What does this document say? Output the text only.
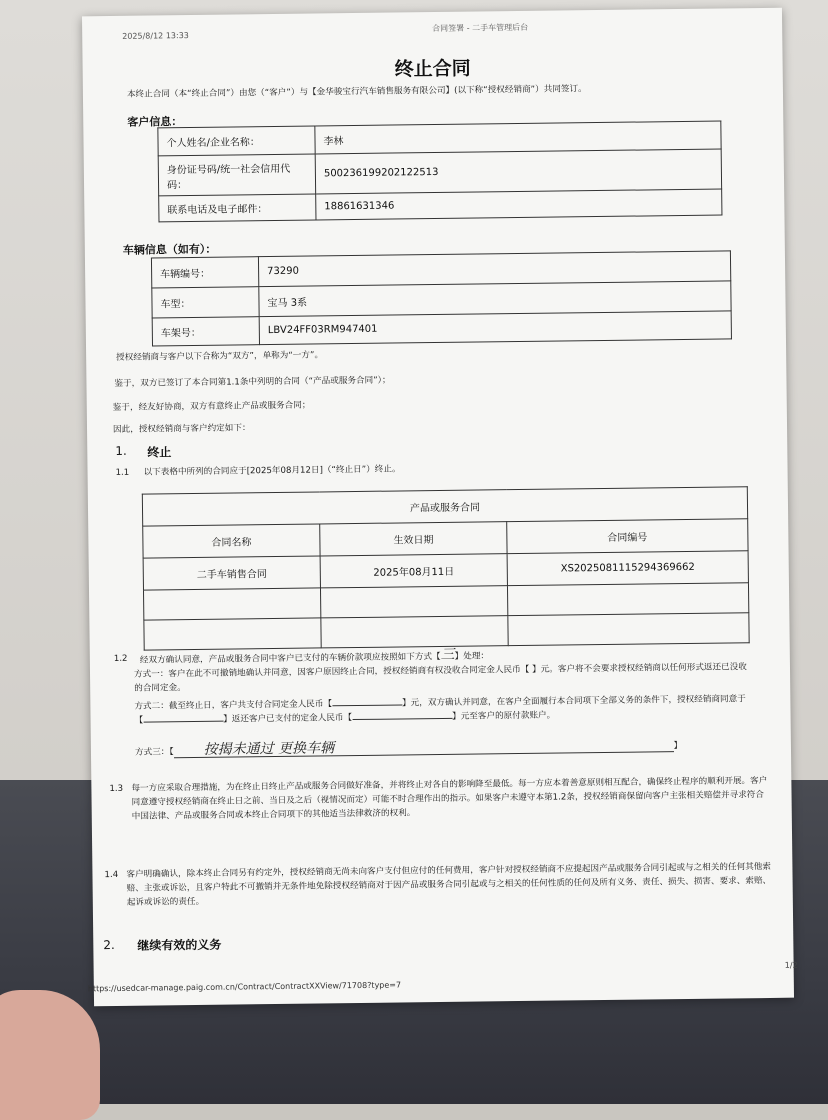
2025/8/12 13:33
合同签署 - 二手车管理后台
终止合同
本终止合同（本“终止合同”）由您（“客户”）与【金华骏宝行汽车销售服务有限公司】(以下称“授权经销商”）共同签订。
客户信息：
个人姓名/企业名称：	李林
身份证号码/统一社会信用代码：	500236199202122513
联系电话及电子邮件：	18861631346
车辆信息（如有）：
车辆编号：	73290
车型：	宝马 3系
车架号：	LBV24FF03RM947401
授权经销商与客户以下合称为“双方”，单称为“一方”。
鉴于，双方已签订了本合同第1.1条中列明的合同（“产品或服务合同”）；
鉴于，经友好协商，双方有意终止产品或服务合同；
因此，授权经销商与客户约定如下：
1. 终止
1.1 以下表格中所列的合同应于[2025年08月12日]（“终止日”）终止。
产品或服务合同		
合同名称	生效日期	合同编号
二手车销售合同	2025年08月11日	XS2025081115294369662

1.2 经双方确认同意，产品或服务合同中客户已支付的车辆价款项应按照如下方式【三】处理：
方式一：客户在此不可撤销地确认并同意，因客户原因终止合同，授权经销商有权没收合同定金人民币【 】元。客户将不会要求授权经销商以任何形式返还已没收的合同定金。
方式二：截至终止日，客户共支付合同定金人民币【	】元，双方确认并同意，在客户全面履行本合同项下全部义务的条件下，授权经销商同意于【	】返还客户已支付的定金人民币【	】元至客户的原付款账户。
方式三：【 按揭未通过 更换车辆	】
1.3 每一方应采取合理措施，为在终止日终止产品或服务合同做好准备，并将终止对各自的影响降至最低。每一方应本着善意原则相互配合，确保终止程序的顺利开展。客户同意遵守授权经销商在终止日之前、当日及之后（视情况而定）可能不时合理作出的指示。如果客户未遵守本第1.2条，授权经销商保留向客户主张相关赔偿并寻求符合中国法律、产品或服务合同或本终止合同项下的其他适当法律救济的权利。
1.4 客户明确确认，除本终止合同另有约定外，授权经销商无尚未向客户支付但应付的任何费用，客户针对授权经销商不应提起因产品或服务合同引起或与之相关的任何其他索赔、主张或诉讼，且客户特此不可撤销并无条件地免除授权经销商对于因产品或服务合同引起或与之相关的任何性质的任何及所有义务、责任、损失、损害、要求、索赔、起诉或诉讼的责任。
2. 继续有效的义务
1/2
https://usedcar-manage.paig.com.cn/Contract/ContractXXView/71708?type=7
